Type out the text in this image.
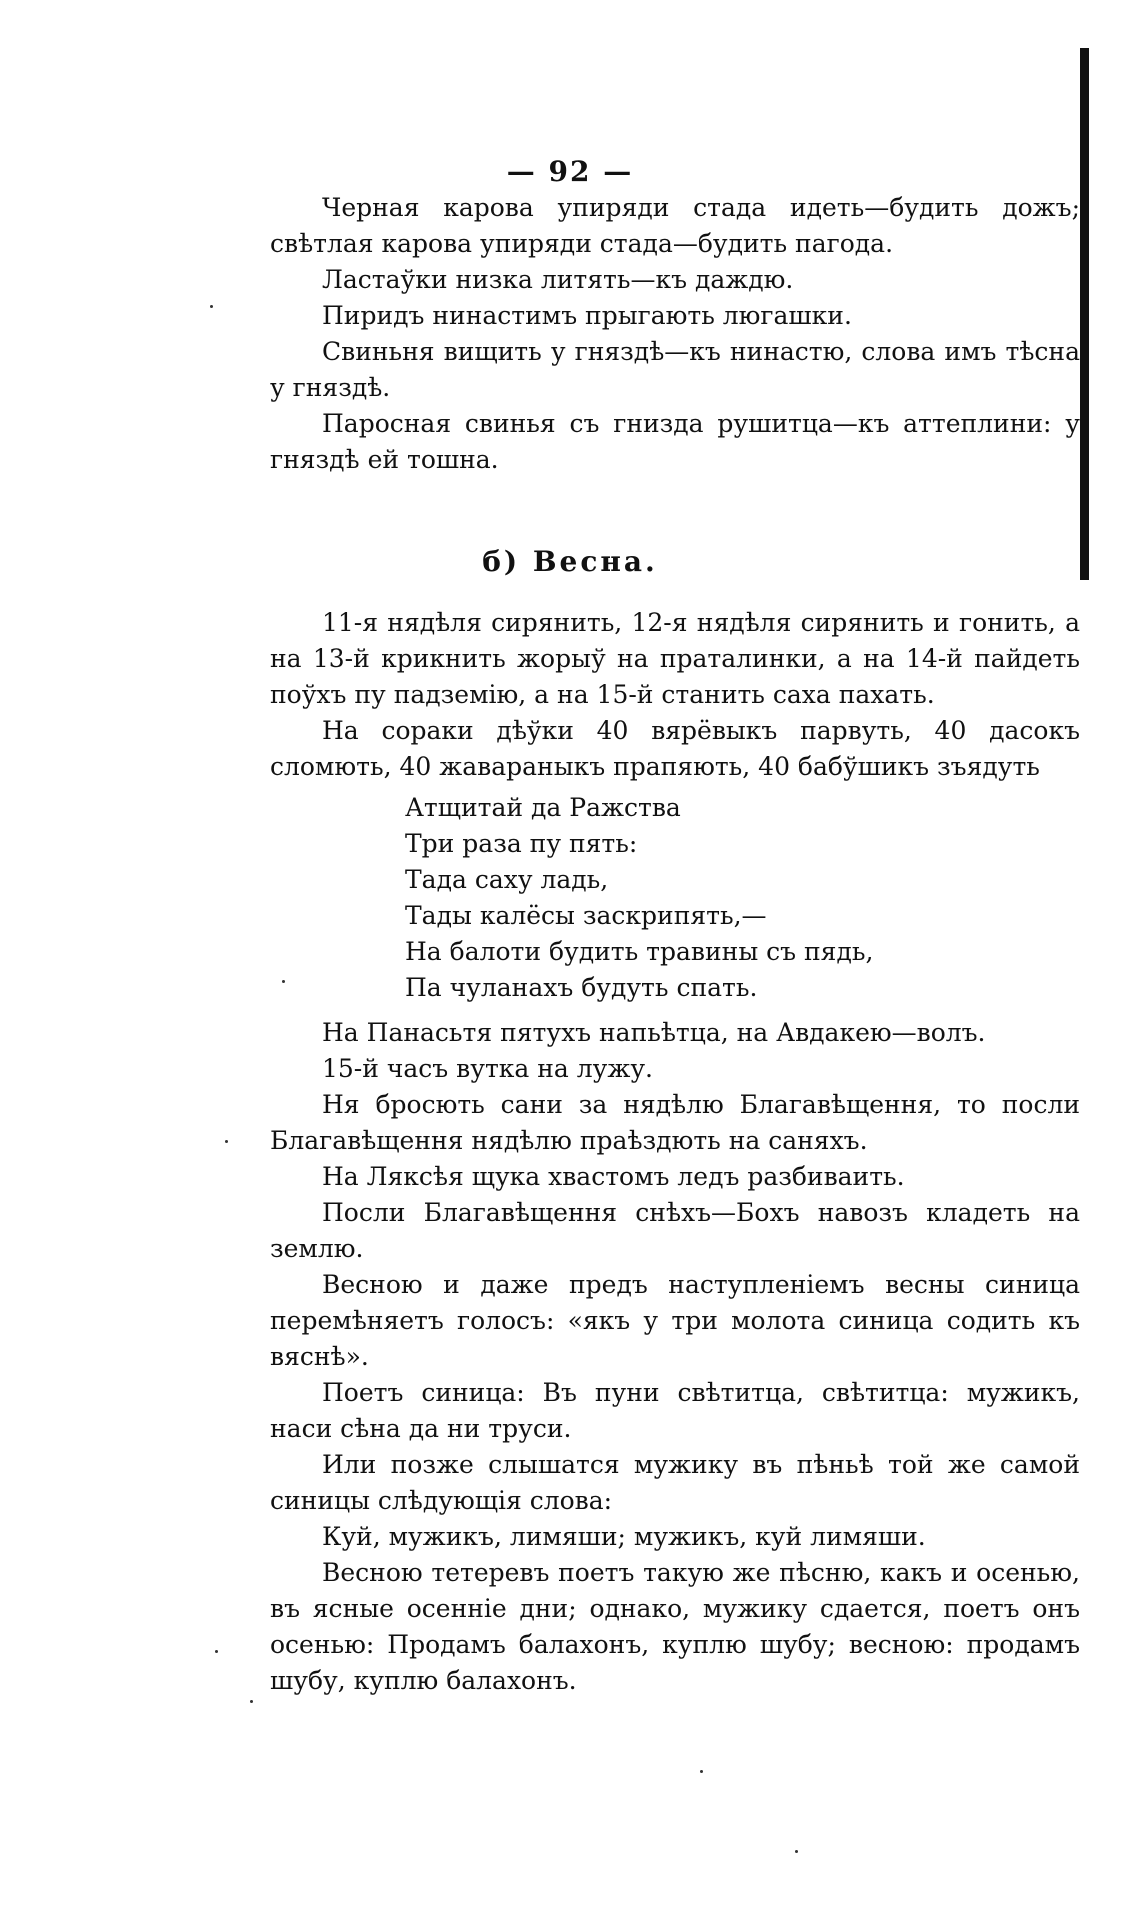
— 92 —

Черная карова упиряди стада идеть—будить дожъ; свѣтлая карова упиряди стада—будить пагода.

Ластаўки низка литять—къ даждю.

Пиридъ нинастимъ прыгають люгашки.

Свиньня вищить у гняздѣ—къ нинастю, слова имъ тѣсна у гняздѣ.

Паросная свинья съ гнизда рушитца—къ аттеплини: у гняздѣ ей тошна.

б) Весна.

11-я нядѣля сирянить, 12-я нядѣля сирянить и гонить, а на 13-й крикнить жорыў на праталинки, а на 14-й пайдеть поўхъ пу падземію, а на 15-й станить саха пахать.

На сораки дѣўки 40 вярёвыкъ парвуть, 40 дасокъ сломють, 40 жавараныкъ прапяють, 40 бабўшикъ зъядуть

Атщитай да Ражства
Три раза пу пять:
Тада саху ладь,
Тады калёсы заскрипять,—
На балоти будить травины съ пядь,
Па чуланахъ будуть спать.

На Панасьтя пятухъ напьѣтца, на Авдакею—волъ.

15-й часъ вутка на лужу.

Ня бросють сани за нядѣлю Благавѣщення, то посли Благавѣщення нядѣлю праѣздють на саняхъ.

На Ляксѣя щука хвастомъ ледъ разбиваить.

Посли Благавѣщення снѣхъ—Бохъ навозъ кладеть на землю.

Весною и даже предъ наступленіемъ весны синица перемѣняетъ голосъ: «якъ у три молота синица содить къ вяснѣ».

Поетъ синица: Въ пуни свѣтитца, свѣтитца: мужикъ, наси сѣна да ни труси.

Или позже слышатся мужику въ пѣньѣ той же самой синицы слѣдующія слова:

Куй, мужикъ, лимяши; мужикъ, куй лимяши.

Весною тетеревъ поетъ такую же пѣсню, какъ и осенью, въ ясные осенніе дни; однако, мужику сдается, поетъ онъ осенью: Продамъ балахонъ, куплю шубу; весною: продамъ шубу, куплю балахонъ.
